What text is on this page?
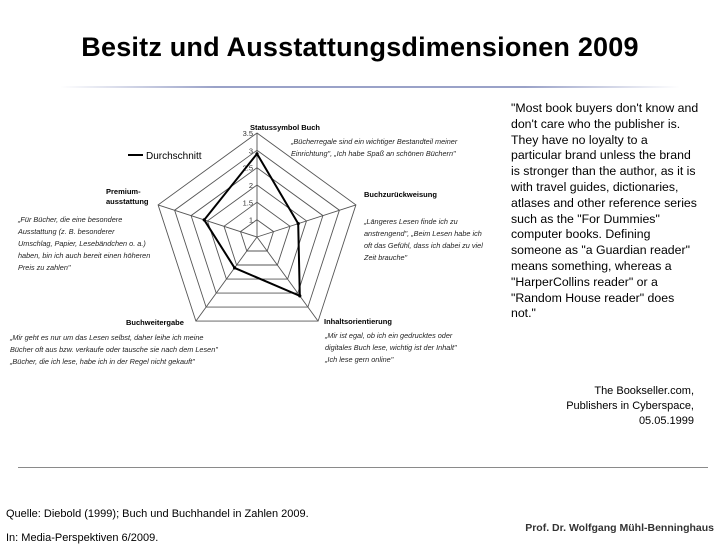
Besitz und Ausstattungsdimensionen 2009
1
1.5
2
2.5
3
3.5
Durchschnitt
Statussymbol Buch
Buchzurückweisung
Inhaltsorientierung
Buchweitergabe
Premium-
ausstattung
„Bücherregale sind ein wichtiger Bestandteil meiner
Einrichtung", „Ich habe Spaß an schönen Büchern"
„Längeres Lesen finde ich zu
anstrengend", „Beim Lesen habe ich
oft das Gefühl, dass ich dabei zu viel
Zeit brauche"
„Mir ist egal, ob ich ein gedrucktes oder
digitales Buch lese, wichtig ist der Inhalt"
„Ich lese gern online"
„Mir geht es nur um das Lesen selbst, daher leihe ich meine
Bücher oft aus bzw. verkaufe oder tausche sie nach dem Lesen"
„Bücher, die ich lese, habe ich in der Regel nicht gekauft"
„Für Bücher, die eine besondere
Ausstattung (z. B. besonderer
Umschlag, Papier, Lesebändchen o. a.)
haben, bin ich auch bereit einen höheren
Preis zu zahlen"
"Most book buyers don't know and don't care who the publisher is. They have no loyalty to a particular brand unless the brand is stronger than the author, as it is with travel guides, dictionaries, atlases and other reference series such as the "For Dummies" computer books. Defining someone as "a Guardian reader" means something, whereas a "HarperCollins reader" or a "Random House reader" does not."
The Bookseller.com,
Publishers in Cyberspace,
05.05.1999
Quelle: Diebold (1999); Buch und Buchhandel in Zahlen 2009.
In: Media-Perspektiven 6/2009.
Prof. Dr. Wolfgang Mühl-Benninghaus
